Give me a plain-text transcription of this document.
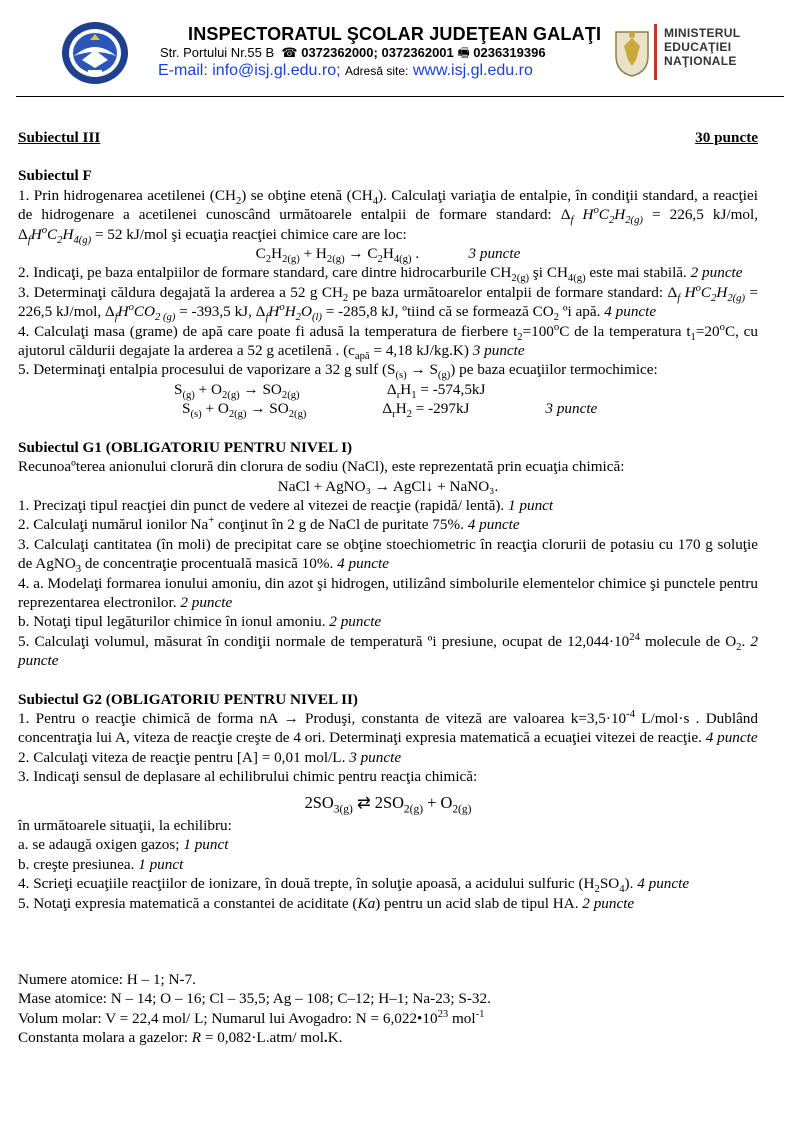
INSPECTORATUL ŞCOLAR JUDEŢEAN GALAŢI
Str. Portului Nr.55 B  ☎ 0372362000; 0372362001 🖷 0236319396
E-mail: info@isj.gl.edu.ro; Adresă site: www.isj.gl.edu.ro
MINISTERUL
EDUCAŢIEI
NAŢIONALE
Subiectul III	30 puncte

Subiectul F

1. Prin hidrogenarea acetilenei $(CH_2)$ se obţine etenă $(CH_4)$. Calculaţi variaţia de entalpie, în condiţii standard, a reacţiei de hidrogenare a acetilenei cunoscând următoarele entalpii de formare standard: $\Delta_f$ $H^oC_2H_{2(g)} = 226,5$ kJ/mol, $\Delta_fH^oC_2H_{4(g)} = 52$ kJ/mol şi ecuaţia reacţiei chimice care are loc:

$C_2H_{2(g)} + H_{2(g)} \to C_2H_{4(g)}$ .             3 puncte

2. Indicaţi, pe baza entalpiilor de formare standard, care dintre hidrocarburile $CH_{2(g)}$ şi $CH_{4(g)}$ este mai stabilă. 2 puncte

3. Determinaţi căldura degajată la arderea a 52 g $CH_2$ pe baza următoarelor entalpii de formare standard: $\Delta_f$ $H^oC_2H_{2(g)} = 226,5$ kJ/mol, $\Delta_fH^oCO_{2 (g)} = -393,5$ kJ, $\Delta_fH^oH_2O_{(l)} = -285,8$ kJ, ºtiind că se formează $CO_2$ ºi apă. 4 puncte

4. Calculaţi masa (grame) de apă care poate fi adusă la temperatura de fierbere $t_2=100^oC$ de la temperatura $t_1=20^oC$, cu ajutorul căldurii degajate la arderea a 52 g acetilenă . ($c_{apă} = 4,18$ kJ/kg.K) 3 puncte

5. Determinaţi entalpia procesului de vaporizare a 32 g sulf $(S_{(s)} \to S_{(g)})$ pe baza ecuaţiilor termochimice:

$S_{(g)} + O_{2(g)} \to SO_{2(g)}$                       $\Delta_rH_1 = -574,5kJ$

$S_{(s)} + O_{2(g)} \to SO_{2(g)}$                    $\Delta_rH_2 = -297kJ$	3 puncte

Subiectul G1 (OBLIGATORIU PENTRU NIVEL I)

Recunoaºterea anionului clorură din clorura de sodiu (NaCl), este reprezentată prin ecuaţia chimică:

NaCl + AgNO₃ → AgCl↓ + NaNO₃.

1. Precizaţi tipul reacţiei din punct de vedere al vitezei de reacţie (rapidă/ lentă). 1 punct

2. Calculaţi numărul ionilor Na+ conţinut în 2 g de NaCl de puritate 75%. 4 puncte

3. Calculaţi cantitatea (în moli) de precipitat care se obţine stoechiometric în reacţia clorurii de potasiu cu 170 g soluţie de AgNO$_3$ de concentraţie procentuală masică 10%. 4 puncte

4. a. Modelaţi formarea ionului amoniu, din azot şi hidrogen, utilizând simbolurile elementelor chimice şi punctele pentru reprezentarea electronilor. 2 puncte

b. Notaţi tipul legăturilor chimice în ionul amoniu. 2 puncte

5. Calculaţi volumul, măsurat în condiţii normale de temperatură ºi presiune, ocupat de $12,044\cdot 10^{24}$ molecule de $O_2$. 2 puncte

Subiectul G2 (OBLIGATORIU PENTRU NIVEL II)

1. Pentru o reacţie chimică de forma nA → Produşi, constanta de viteză are valoarea $k=3,5\cdot 10^{-4}$ L/mol·s . Dublând concentraţia lui A, viteza de reacţie creşte de 4 ori. Determinaţi expresia matematică a ecuaţiei vitezei de reacţie. 4 puncte

2. Calculaţi viteza de reacţie pentru [A] = 0,01 mol/L. 3 puncte

3. Indicaţi sensul de deplasare al echilibrului chimic pentru reacţia chimică:

$2SO_{3(g)}$ ⇄ $2SO_{2(g)} + O_{2(g)}$

în următoarele situaţii, la echilibru:

a. se adaugă oxigen gazos; 1 punct

b. creşte presiunea. 1 punct

4. Scrieţi ecuaţiile reacţiilor de ionizare, în două trepte, în soluţie apoasă, a acidului sulfuric $(H_2SO_4)$. 4 puncte

5. Notaţi expresia matematică a constantei de aciditate (Ka) pentru un acid slab de tipul HA. 2 puncte

Numere atomice: H – 1; N-7.

Mase atomice: N – 14; O – 16; Cl – 35,5; Ag – 108; C–12; H–1; Na-23; S-32.

Volum molar: V = 22,4 mol/ L; Numarul lui Avogadro: $N = 6,022•10^{23}$ mol$^{-1}$

Constanta molara a gazelor: R = 0,082·L.atm/ mol.K.
